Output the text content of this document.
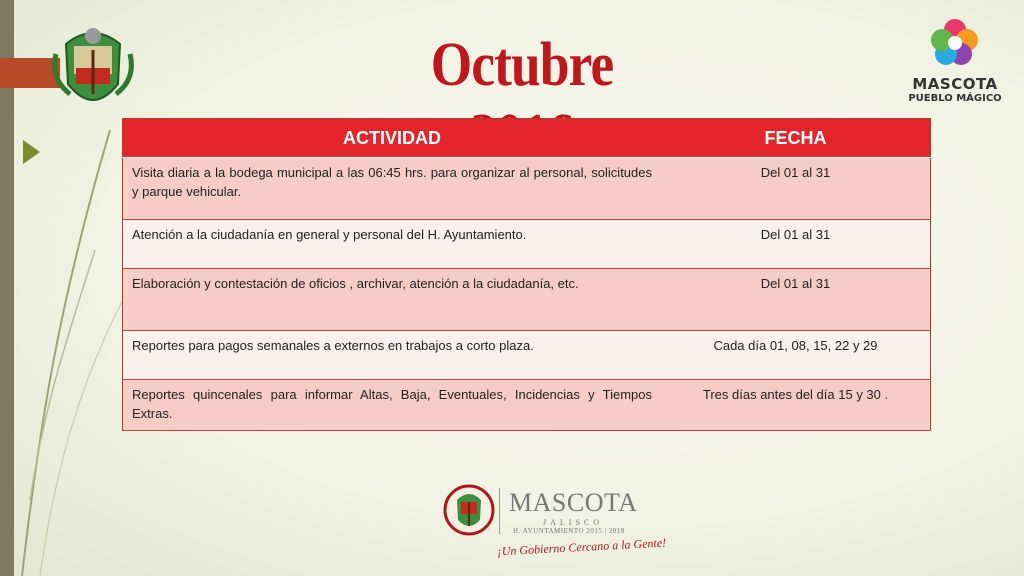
Octubre	MASCOTA
PUEBLO MÁGICO
ACTIVIDAD	FECHA
Visita diaria a la bodega municipal a las 06:45 hrs. para organizar al personal, solicitudes y parque vehicular.	Del 01 al 31
Atención a la ciudadanía en general y personal del H. Ayuntamiento.	Del 01 al 31
Elaboración y contestación de oficios , archivar, atención a la ciudadanía, etc.	Del 01 al 31
Reportes para pagos semanales a externos en trabajos a corto plaza.	Cada día 01, 08, 15, 22 y 29
Reportes quincenales para informar Altas, Baja, Eventuales, Incidencias y Tiempos Extras.	Tres días antes del día 15 y 30 .
MASCOTA
JALISCO
H. AYUNTAMIENTO 2015 | 2018
¡Un Gobierno Cercano a la Gente!
